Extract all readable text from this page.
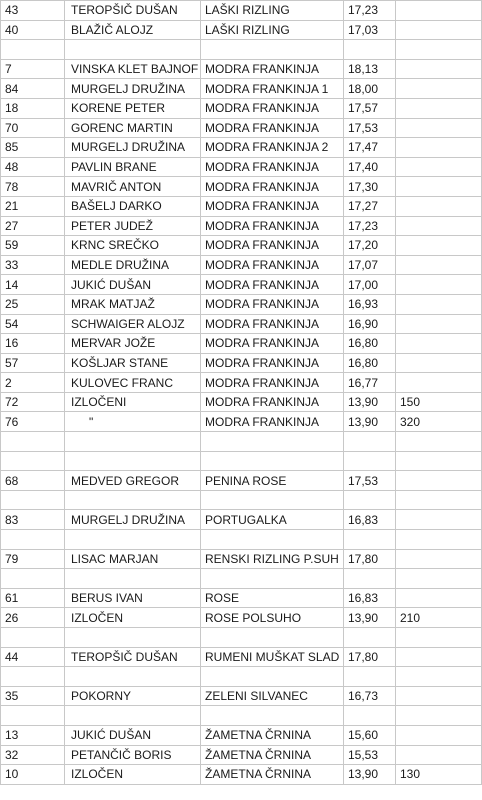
43	TEROPŠIČ DUŠAN	LAŠKI RIZLING	17,23	
40	BLAŽIČ ALOJZ	LAŠKI RIZLING	17,03	

7	VINSKA KLET BAJNOF	MODRA FRANKINJA	18,13	
84	MURGELJ DRUŽINA	MODRA FRANKINJA 1	18,00	
18	KORENE PETER	MODRA FRANKINJA	17,57	
70	GORENC MARTIN	MODRA FRANKINJA	17,53	
85	MURGELJ DRUŽINA	MODRA FRANKINJA 2	17,47	
48	PAVLIN BRANE	MODRA FRANKINJA	17,40	
78	MAVRIČ ANTON	MODRA FRANKINJA	17,30	
21	BAŠELJ DARKO	MODRA FRANKINJA	17,27	
27	PETER JUDEŽ	MODRA FRANKINJA	17,23	
59	KRNC SREČKO	MODRA FRANKINJA	17,20	
33	MEDLE DRUŽINA	MODRA FRANKINJA	17,07	
14	JUKIĆ DUŠAN	MODRA FRANKINJA	17,00	
25	MRAK MATJAŽ	MODRA FRANKINJA	16,93	
54	SCHWAIGER ALOJZ	MODRA FRANKINJA	16,90	
16	MERVAR JOŽE	MODRA FRANKINJA	16,80	
57	KOŠLJAR STANE	MODRA FRANKINJA	16,80	
2	KULOVEC FRANC	MODRA FRANKINJA	16,77	
72	IZLOČENI	MODRA FRANKINJA	13,90	150
76	"	MODRA FRANKINJA	13,90	320

68	MEDVED GREGOR	PENINA ROSE	17,53	

83	MURGELJ DRUŽINA	PORTUGALKA	16,83	

79	LISAC MARJAN	RENSKI RIZLING P.SUH	17,80	

61	BERUS IVAN	ROSE	16,83	
26	IZLOČEN	ROSE POLSUHO	13,90	210

44	TEROPŠIČ DUŠAN	RUMENI MUŠKAT SLAD	17,80	

35	POKORNY	ZELENI SILVANEC	16,73	

13	JUKIĆ DUŠAN	ŽAMETNA ČRNINA	15,60	
32	PETANČIČ BORIS	ŽAMETNA ČRNINA	15,53	
10	IZLOČEN	ŽAMETNA ČRNINA	13,90	130
